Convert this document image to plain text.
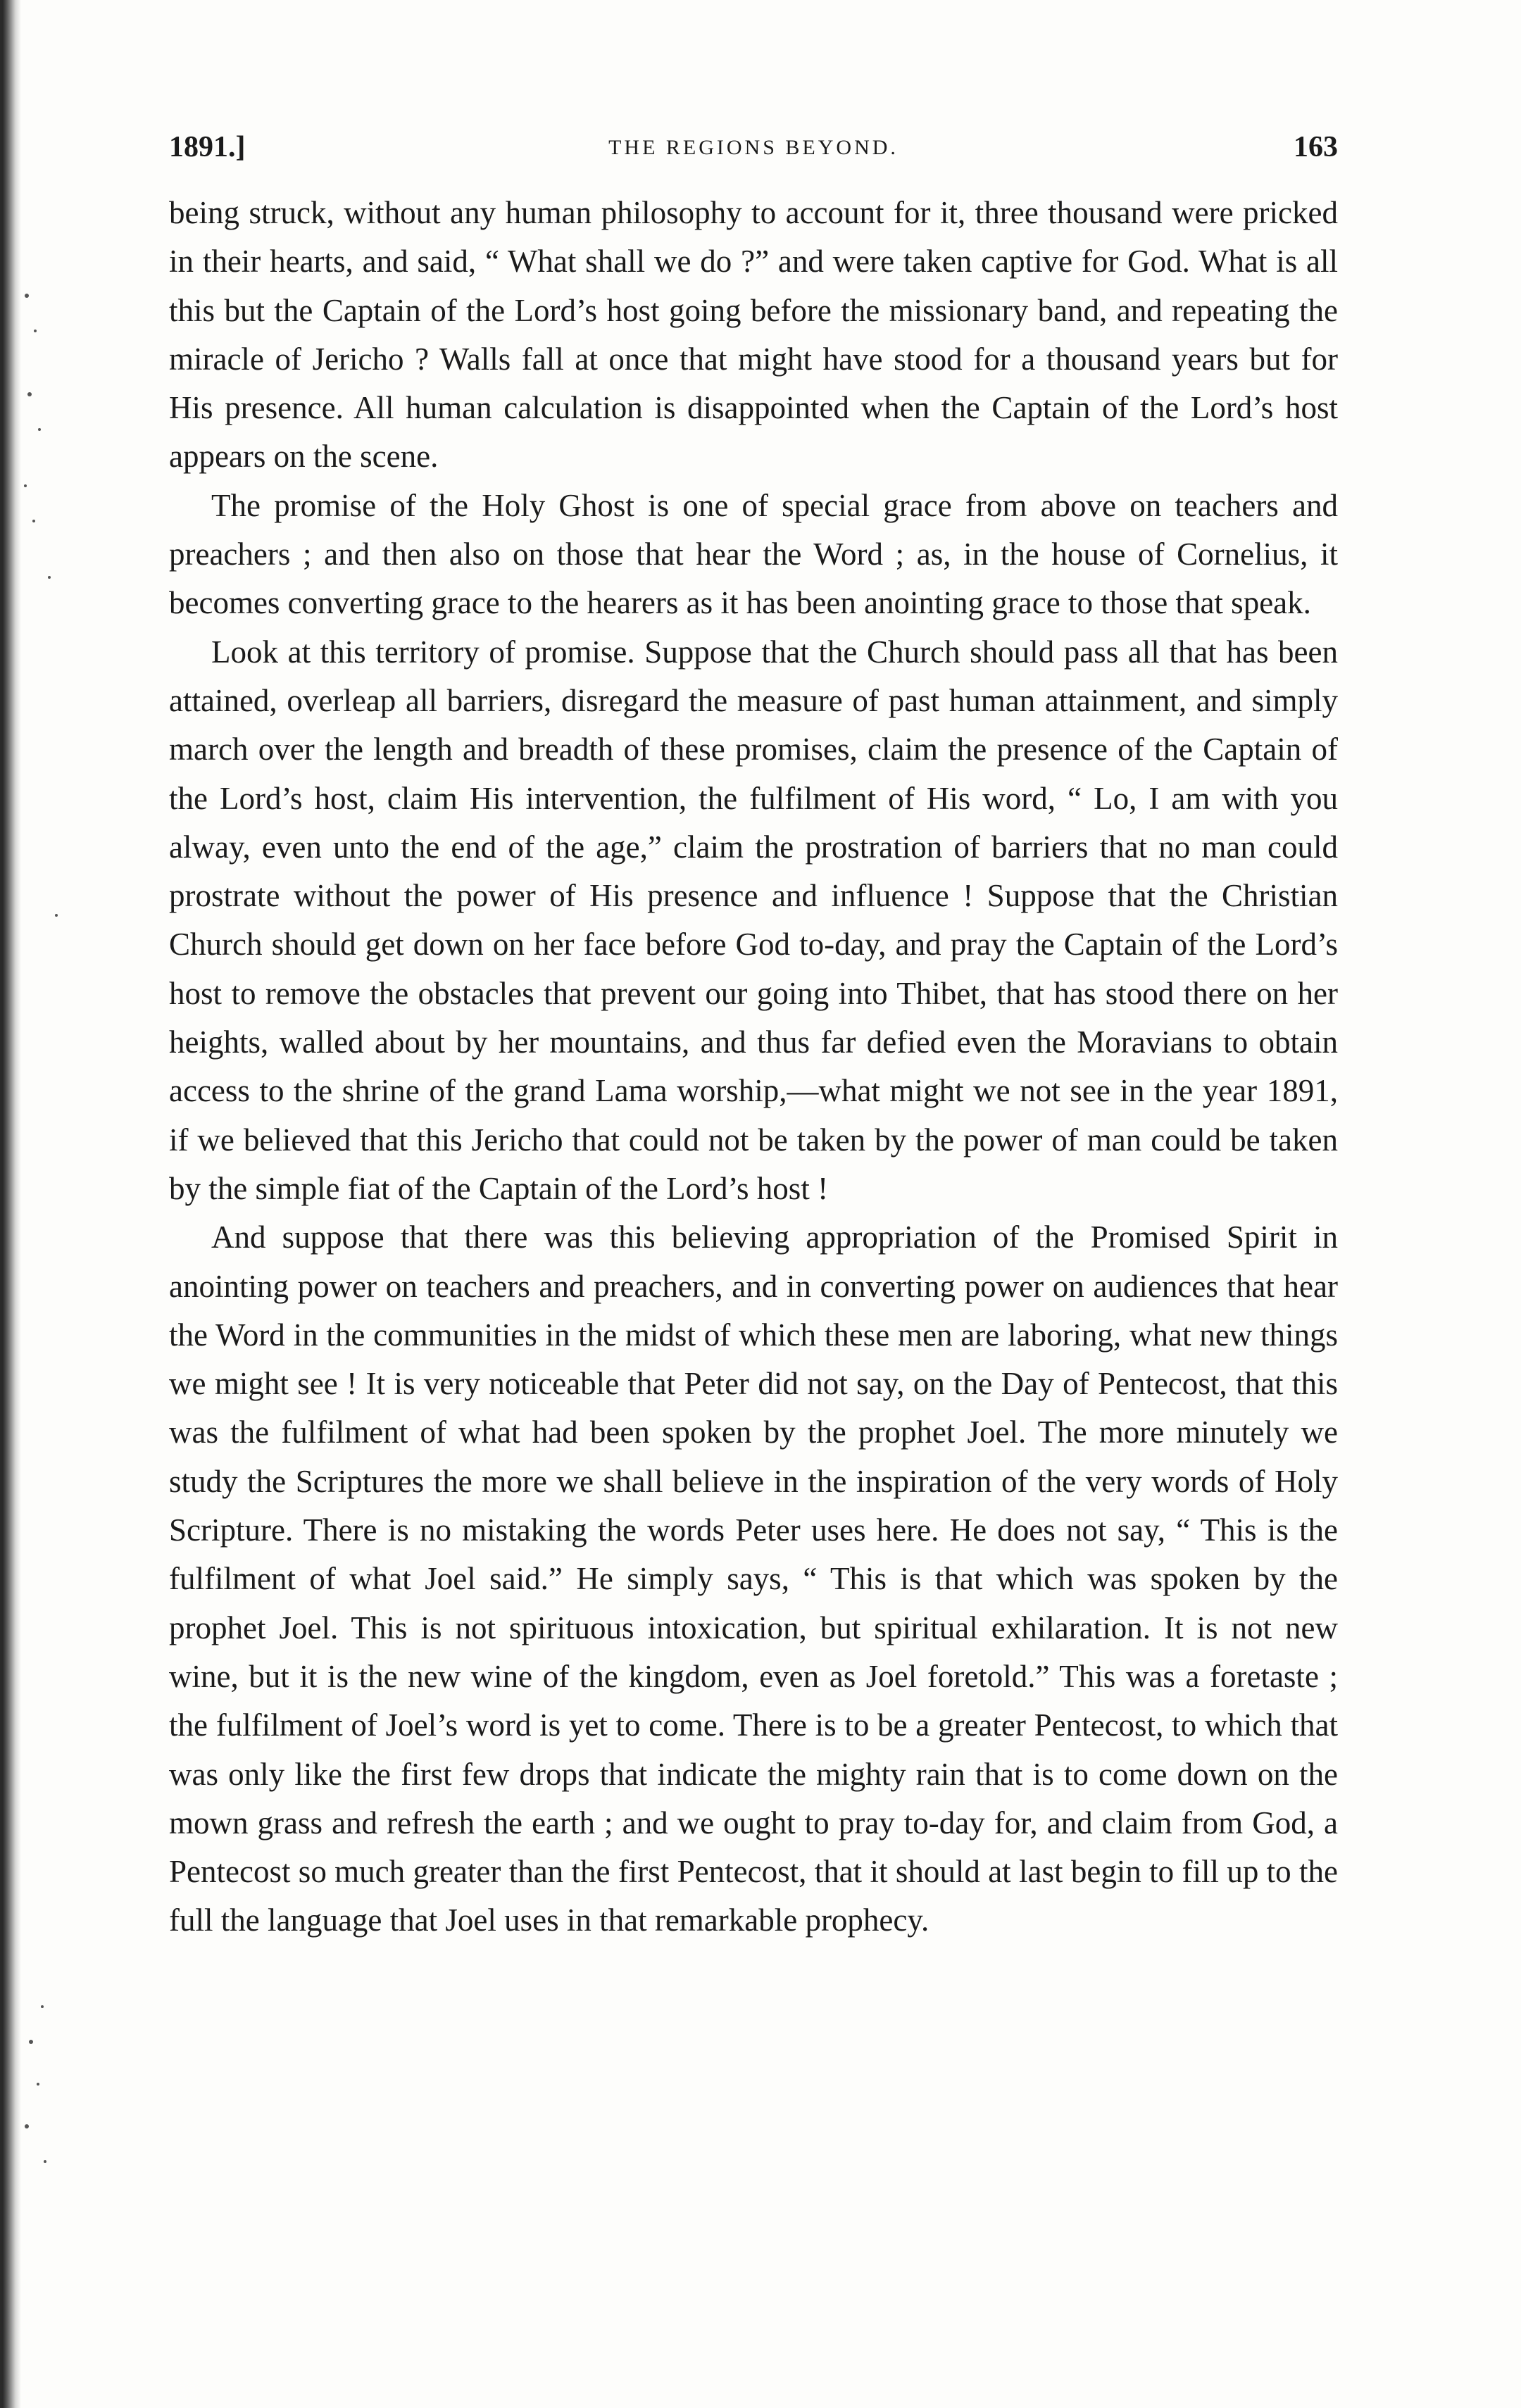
1891.]	THE REGIONS BEYOND.	163

being struck, without any human philosophy to account for it, three thousand were pricked in their hearts, and said, “ What shall we do ?” and were taken captive for God. What is all this but the Captain of the Lord’s host going before the missionary band, and repeating the miracle of Jericho ? Walls fall at once that might have stood for a thousand years but for His presence. All human calculation is disappointed when the Captain of the Lord’s host appears on the scene.

The promise of the Holy Ghost is one of special grace from above on teachers and preachers ; and then also on those that hear the Word ; as, in the house of Cornelius, it becomes converting grace to the hearers as it has been anointing grace to those that speak.

Look at this territory of promise. Suppose that the Church should pass all that has been attained, overleap all barriers, disregard the measure of past human attainment, and simply march over the length and breadth of these promises, claim the presence of the Captain of the Lord’s host, claim His intervention, the fulfilment of His word, “ Lo, I am with you alway, even unto the end of the age,” claim the prostration of barriers that no man could prostrate without the power of His presence and influence ! Suppose that the Christian Church should get down on her face before God to-day, and pray the Captain of the Lord’s host to remove the obstacles that prevent our going into Thibet, that has stood there on her heights, walled about by her mountains, and thus far defied even the Moravians to obtain access to the shrine of the grand Lama worship,—what might we not see in the year 1891, if we believed that this Jericho that could not be taken by the power of man could be taken by the simple fiat of the Captain of the Lord’s host !

And suppose that there was this believing appropriation of the Promised Spirit in anointing power on teachers and preachers, and in converting power on audiences that hear the Word in the communities in the midst of which these men are laboring, what new things we might see ! It is very noticeable that Peter did not say, on the Day of Pentecost, that this was the fulfilment of what had been spoken by the prophet Joel. The more minutely we study the Scriptures the more we shall believe in the inspiration of the very words of Holy Scripture. There is no mistaking the words Peter uses here. He does not say, “ This is the fulfilment of what Joel said.” He simply says, “ This is that which was spoken by the prophet Joel. This is not spirituous intoxication, but spiritual exhilaration. It is not new wine, but it is the new wine of the kingdom, even as Joel foretold.” This was a foretaste ; the fulfilment of Joel’s word is yet to come. There is to be a greater Pentecost, to which that was only like the first few drops that indicate the mighty rain that is to come down on the mown grass and refresh the earth ; and we ought to pray to-day for, and claim from God, a Pentecost so much greater than the first Pentecost, that it should at last begin to fill up to the full the language that Joel uses in that remarkable prophecy.
